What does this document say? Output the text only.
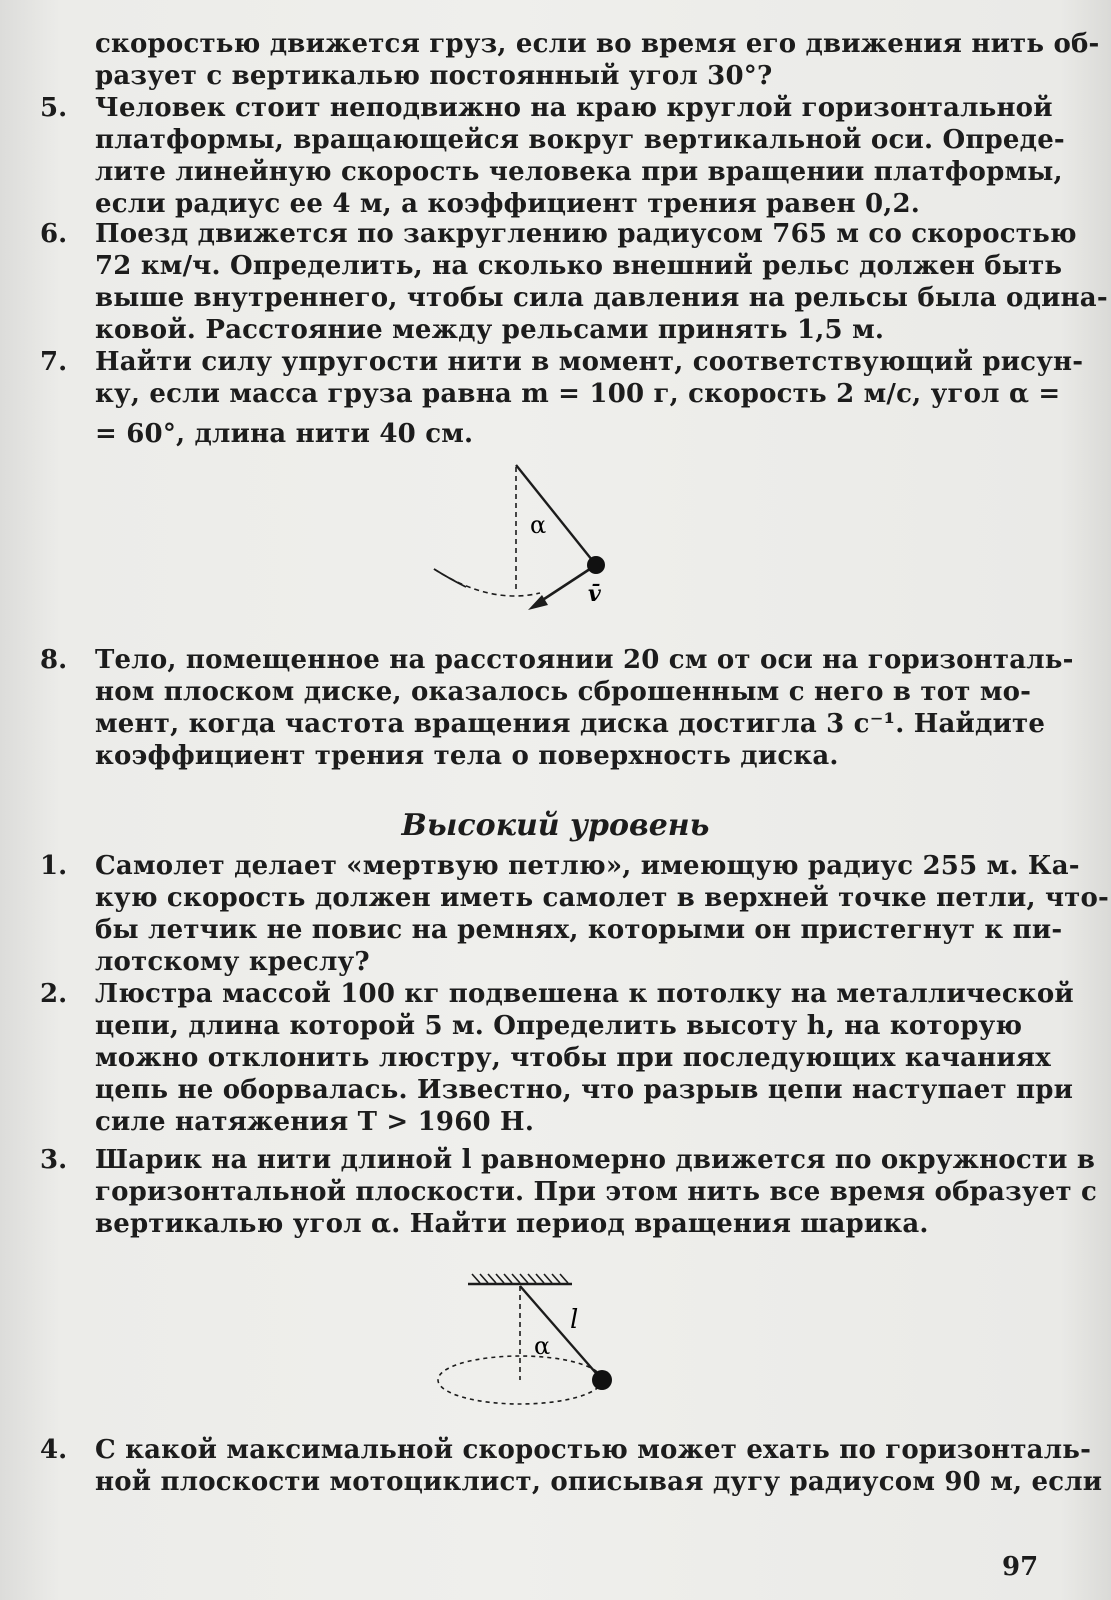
скоростью движется груз, если во время его движения нить об-
разует с вертикалью постоянный угол 30°?
5. Человек стоит неподвижно на краю круглой горизонтальной
платформы, вращающейся вокруг вертикальной оси. Опреде-
лите линейную скорость человека при вращении платформы,
если радиус ее 4 м, а коэффициент трения равен 0,2.
6. Поезд движется по закруглению радиусом 765 м со скоростью
72 км/ч. Определить, на сколько внешний рельс должен быть
выше внутреннего, чтобы сила давления на рельсы была одина-
ковой. Расстояние между рельсами принять 1,5 м.
7. Найти силу упругости нити в момент, соответствующий рисун-
ку, если масса груза равна m = 100 г, скорость 2 м/с, угол α =
= 60°, длина нити 40 см.
α
v̄
8. Тело, помещенное на расстоянии 20 см от оси на горизонталь-
ном плоском диске, оказалось сброшенным с него в тот мо-
мент, когда частота вращения диска достигла 3 с⁻¹. Найдите
коэффициент трения тела о поверхность диска.
Высокий уровень
1. Самолет делает «мертвую петлю», имеющую радиус 255 м. Ка-
кую скорость должен иметь самолет в верхней точке петли, что-
бы летчик не повис на ремнях, которыми он пристегнут к пи-
лотскому креслу?
2. Люстра массой 100 кг подвешена к потолку на металлической
цепи, длина которой 5 м. Определить высоту h, на которую
можно отклонить люстру, чтобы при последующих качаниях
цепь не оборвалась. Известно, что разрыв цепи наступает при
силе натяжения T > 1960 Н.
3. Шарик на нити длиной l равномерно движется по окружности в
горизонтальной плоскости. При этом нить все время образует с
вертикалью угол α. Найти период вращения шарика.
l
α
4. С какой максимальной скоростью может ехать по горизонталь-
ной плоскости мотоциклист, описывая дугу радиусом 90 м, если
97
